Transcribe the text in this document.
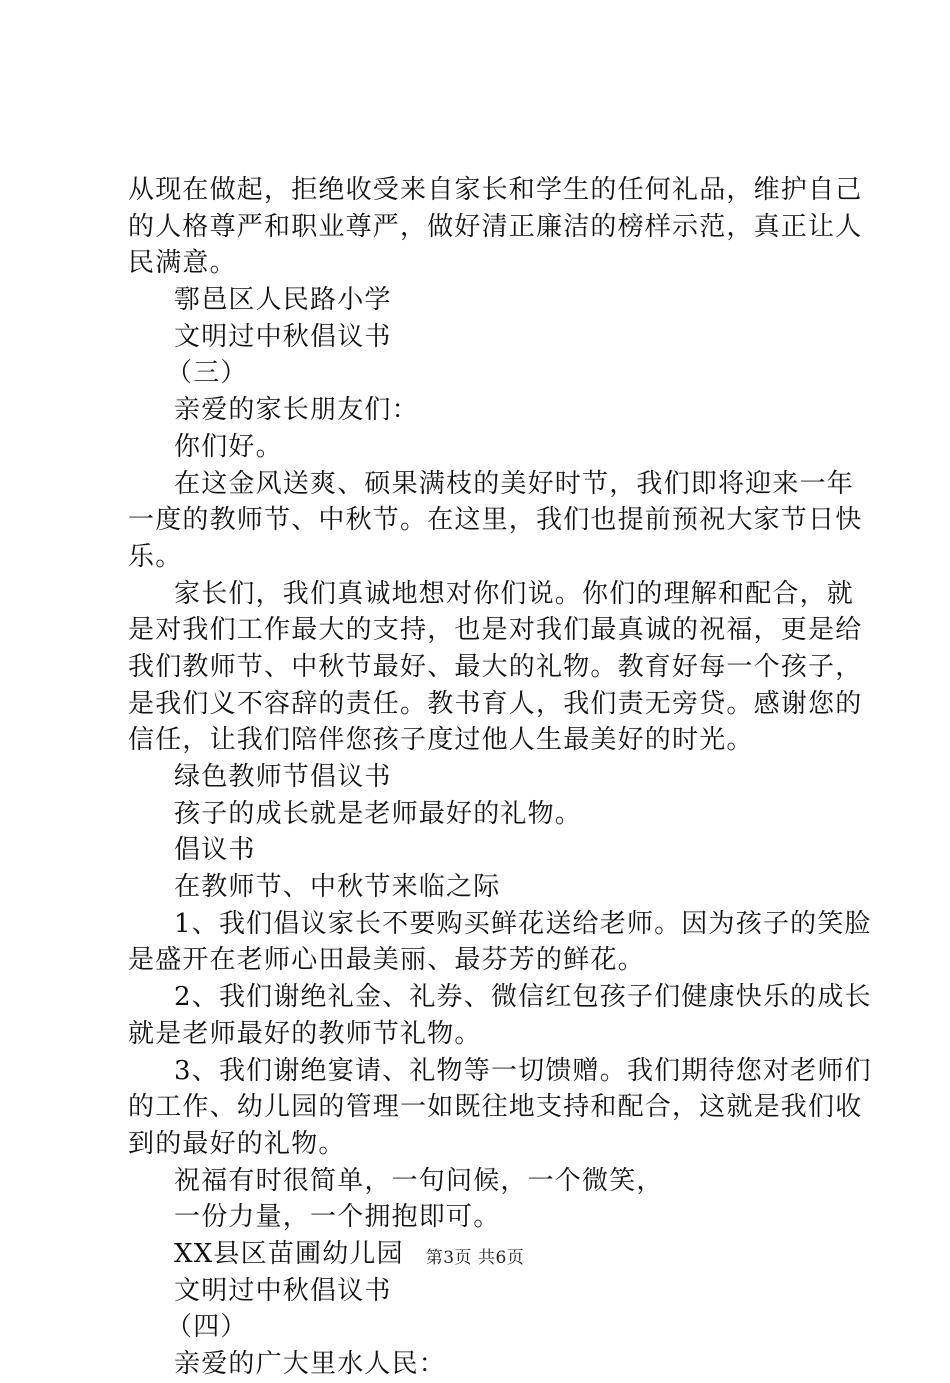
从现在做起，拒绝收受来自家长和学生的任何礼品，维护自己
的人格尊严和职业尊严，做好清正廉洁的榜样示范，真正让人
民满意。
鄠邑区人民路小学
文明过中秋倡议书
（三）
亲爱的家长朋友们：
你们好。
在这金风送爽、硕果满枝的美好时节，我们即将迎来一年
一度的教师节、中秋节。在这里，我们也提前预祝大家节日快
乐。
家长们，我们真诚地想对你们说。你们的理解和配合，就
是对我们工作最大的支持，也是对我们最真诚的祝福，更是给
我们教师节、中秋节最好、最大的礼物。教育好每一个孩子，
是我们义不容辞的责任。教书育人，我们责无旁贷。感谢您的
信任，让我们陪伴您孩子度过他人生最美好的时光。
绿色教师节倡议书
孩子的成长就是老师最好的礼物。
倡议书
在教师节、中秋节来临之际
1、我们倡议家长不要购买鲜花送给老师。因为孩子的笑脸
是盛开在老师心田最美丽、最芬芳的鲜花。
2、我们谢绝礼金、礼券、微信红包孩子们健康快乐的成长
就是老师最好的教师节礼物。
3、我们谢绝宴请、礼物等一切馈赠。我们期待您对老师们
的工作、幼儿园的管理一如既往地支持和配合，这就是我们收
到的最好的礼物。
祝福有时很简单，一句问候，一个微笑，
一份力量，一个拥抱即可。
XX县区苗圃幼儿园
文明过中秋倡议书
（四）
亲爱的广大里水人民：
第3页 共6页
